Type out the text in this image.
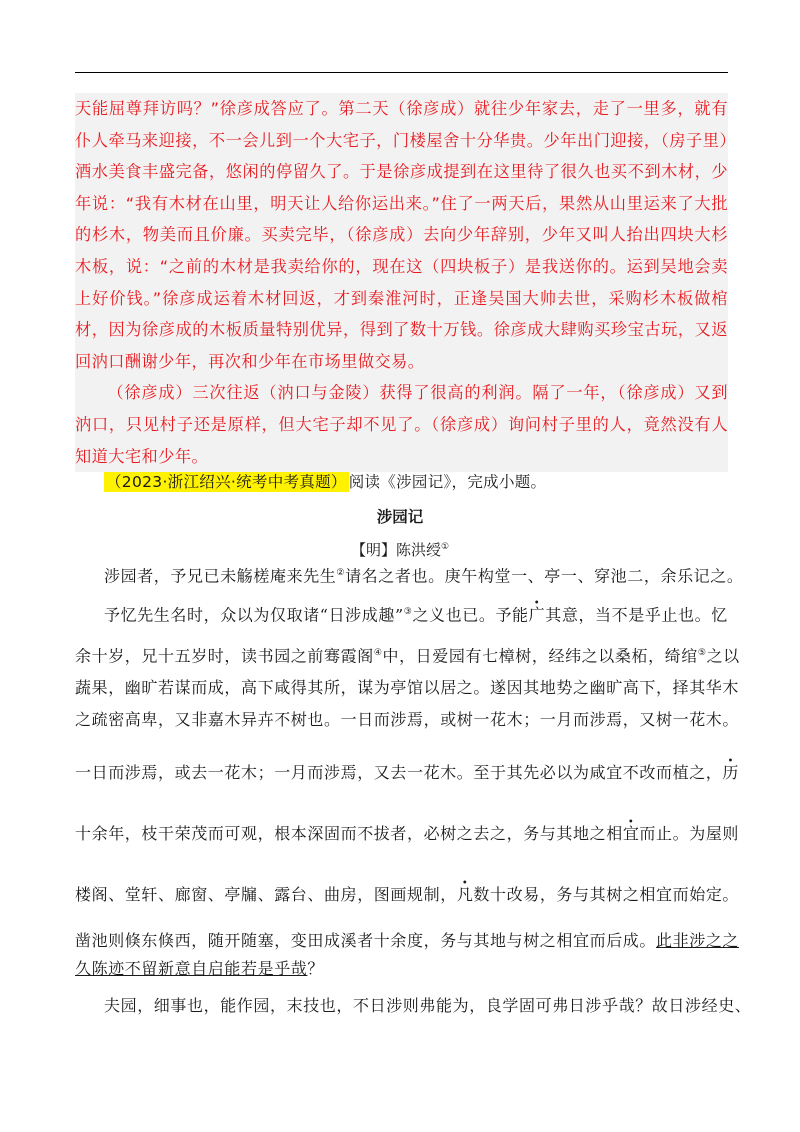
天能屈尊拜访吗？”徐彦成答应了。第二天（徐彦成）就往少年家去，走了一里多，就有仆人牵马来迎接，不一会儿到一个大宅子，门楼屋舍十分华贵。少年出门迎接，（房子里）酒水美食丰盛完备，悠闲的停留久了。于是徐彦成提到在这里待了很久也买不到木材，少年说：“我有木材在山里，明天让人给你运出来。”住了一两天后，果然从山里运来了大批的杉木，物美而且价廉。买卖完毕，（徐彦成）去向少年辞别，少年又叫人抬出四块大杉木板，说：“之前的木材是我卖给你的，现在这（四块板子）是我送你的。运到吴地会卖上好价钱。”徐彦成运着木材回返，才到秦淮河时，正逢吴国大帅去世，采购杉木板做棺材，因为徐彦成的木板质量特别优异，得到了数十万钱。徐彦成大肆购买珍宝古玩，又返回汭口酬谢少年，再次和少年在市场里做交易。

（徐彦成）三次往返（汭口与金陵）获得了很高的利润。隔了一年，（徐彦成）又到汭口，只见村子还是原样，但大宅子却不见了。（徐彦成）询问村子里的人，竟然没有人知道大宅和少年。

（2023·浙江绍兴·统考中考真题） 阅读《涉园记》，完成小题。
涉园记
【明】陈洪绶①
涉园者，予兄已未觞槎庵来先生②请名之者也。庚午构堂一、亭一、穿池二，余乐记之。
予忆先生名时，众以为仅取诸“日涉成趣”③之义也已。予能广其意，当不是乎止也。忆
余十岁，兄十五岁时，读书园之前骞霞阁④中，日爱园有七樟树，经纬之以桑柘，绮绾⑤之以
蔬果，幽旷若谋而成，高下咸得其所，谋为亭馆以居之。遂因其地势之幽旷高下，择其华木
之疏密高卑，又非嘉木异卉不树也。一日而涉焉，或树一花木；一月而涉焉，又树一花木。
一日而涉焉，或去一花木；一月而涉焉，又去一花木。至于其先必以为咸宜不改而植之，历
十余年，枝干荣茂而可观，根本深固而不拔者，必树之去之，务与其地之相宜而止。为屋则
楼阁、堂轩、廊窗、亭牖、露台、曲房，图画规制，凡数十改易，务与其树之相宜而始定。
凿池则倏东倏西，随开随塞，变田成溪者十余度，务与其地与树之相宜而后成。此非涉之之
久陈迹不留新意自启能若是乎哉？
夫园，细事也，能作园，末技也，不日涉则弗能为，良学固可弗日涉乎哉？故日涉经史、
